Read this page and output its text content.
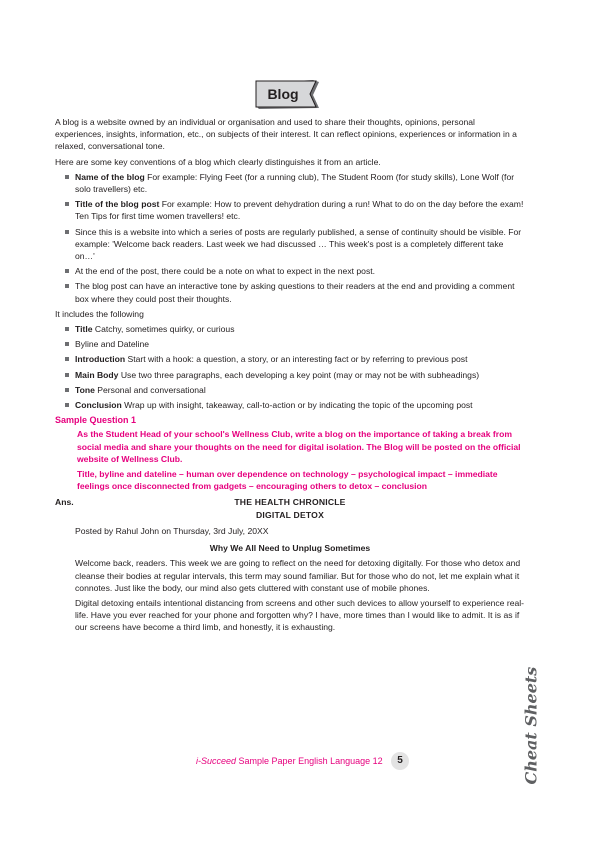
Blog

A blog is a website owned by an individual or organisation and used to share their thoughts, opinions, personal experiences, insights, information, etc., on subjects of their interest. It can reflect opinions, experiences or information in a relaxed, conversational tone.

Here are some key conventions of a blog which clearly distinguishes it from an article.

Name of the blog For example: Flying Feet (for a running club), The Student Room (for study skills), Lone Wolf (for solo travellers) etc.
Title of the blog post For example: How to prevent dehydration during a run! What to do on the day before the exam! Ten Tips for first time women travellers! etc.
Since this is a website into which a series of posts are regularly published, a sense of continuity should be visible. For example: 'Welcome back readers. Last week we had discussed … This week's post is a completely different take on…'
At the end of the post, there could be a note on what to expect in the next post.
The blog post can have an interactive tone by asking questions to their readers at the end and providing a comment box where they could post their thoughts.

It includes the following

Title Catchy, sometimes quirky, or curious
Byline and Dateline
Introduction Start with a hook: a question, a story, or an interesting fact or by referring to previous post
Main Body Use two three paragraphs, each developing a key point (may or may not be with subheadings)
Tone Personal and conversational
Conclusion Wrap up with insight, takeaway, call-to-action or by indicating the topic of the upcoming post
Sample Question 1

As the Student Head of your school's Wellness Club, write a blog on the importance of taking a break from social media and share your thoughts on the need for digital isolation. The Blog will be posted on the official website of Wellness Club.

Title, byline and dateline – human over dependence on technology – psychological impact – immediate feelings once disconnected from gadgets – encouraging others to detox – conclusion

Ans.	THE HEALTH CHRONICLE
DIGITAL DETOX
Posted by Rahul John on Thursday, 3rd July, 20XX
Why We All Need to Unplug Sometimes

Welcome back, readers. This week we are going to reflect on the need for detoxing digitally. For those who detox and cleanse their bodies at regular intervals, this term may sound familiar. But for those who do not, let me explain what it connotes. Just like the body, our mind also gets cluttered with constant use of mobile phones.

Digital detoxing entails intentional distancing from screens and other such devices to allow yourself to experience real-life. Have you ever reached for your phone and forgotten why? I have, more times than I would like to admit. It is as if our screens have become a third limb, and honestly, it is exhausting.

i-Succeed Sample Paper English Language 12	5	Cheat Sheets
